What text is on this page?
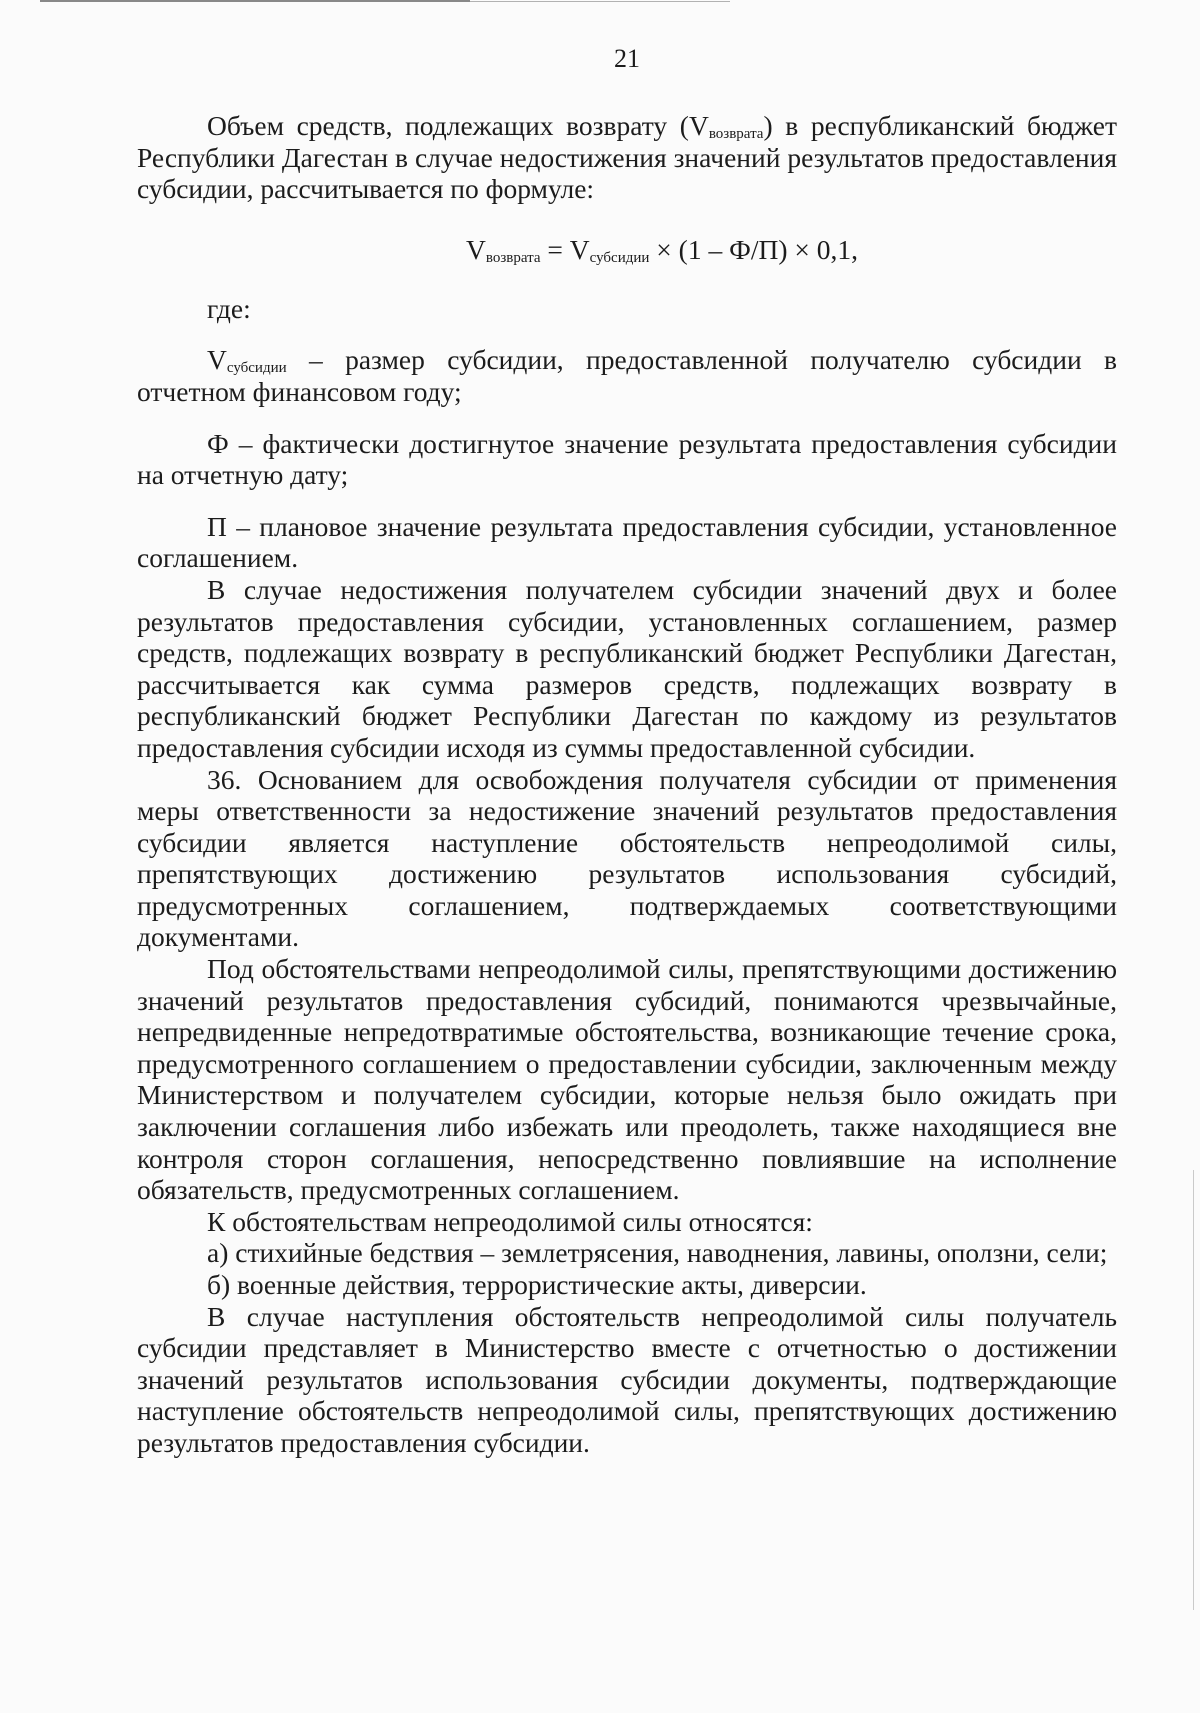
21

Объем средств, подлежащих возврату $(V_{возврата})$ в республиканский бюджет Республики Дагестан в случае недостижения значений результатов предоставления субсидии, рассчитывается по формуле:

$V_{возврата} = V_{субсидии} \times (1 - Ф/П) \times 0,1$,

где:

$V_{субсидии}$ – размер субсидии, предоставленной получателю субсидии в отчетном финансовом году;

Ф – фактически достигнутое значение результата предоставления субсидии на отчетную дату;

П – плановое значение результата предоставления субсидии, установленное соглашением.

В случае недостижения получателем субсидии значений двух и более результатов предоставления субсидии, установленных соглашением, размер средств, подлежащих возврату в республиканский бюджет Республики Дагестан, рассчитывается как сумма размеров средств, подлежащих возврату в республиканский бюджет Республики Дагестан по каждому из результатов предоставления субсидии исходя из суммы предоставленной субсидии.

36. Основанием для освобождения получателя субсидии от применения меры ответственности за недостижение значений результатов предоставления субсидии является наступление обстоятельств непреодолимой силы, препятствующих достижению результатов использования субсидий, предусмотренных соглашением, подтверждаемых соответствующими документами.

Под обстоятельствами непреодолимой силы, препятствующими достижению значений результатов предоставления субсидий, понимаются чрезвычайные, непредвиденные непредотвратимые обстоятельства, возникающие течение срока, предусмотренного соглашением о предоставлении субсидии, заключенным между Министерством и получателем субсидии, которые нельзя было ожидать при заключении соглашения либо избежать или преодолеть, также находящиеся вне контроля сторон соглашения, непосредственно повлиявшие на исполнение обязательств, предусмотренных соглашением.

К обстоятельствам непреодолимой силы относятся:

а) стихийные бедствия – землетрясения, наводнения, лавины, оползни, сели;

б) военные действия, террористические акты, диверсии.

В случае наступления обстоятельств непреодолимой силы получатель субсидии представляет в Министерство вместе с отчетностью о достижении значений результатов использования субсидии документы, подтверждающие наступление обстоятельств непреодолимой силы, препятствующих достижению результатов предоставления субсидии.
